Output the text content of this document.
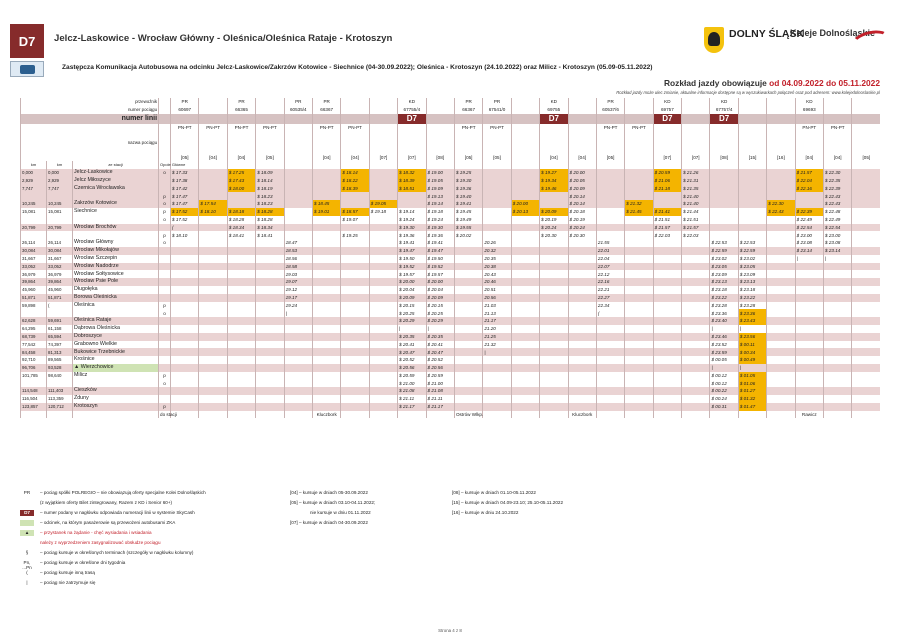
D7	Jelcz-Laskowice - Wrocław Główny - Oleśnica/Oleśnica Rataje - Krotoszyn	DOLNY ŚLĄSK
Koleje Dolnośląskie
Zastępcza Komunikacja Autobusowa na odcinku Jelcz-Laskowice/Zakrzów Kotowice - Siechnice (04-30.09.2022); Oleśnica - Krotoszyn (24.10.2022) oraz Milicz - Krotoszyn (05.09-05.11.2022)
Rozkład jazdy obowiązuje od 04.09.2022 do 05.11.2022
Rozkład jazdy może ulec zmianie, aktualne informacje dostępne są w wyszukiwarkach połączeń oraz pod adresem: www.kolejedolnoslaskie.pl
przewoźnik				PR		PR		PR	PR			KD		PR	PR		KD		PR		KD		KD			KD		
numer pociągu				60697		66365		60535/4	66367			67755/4		66367	67541/0		69755		60537/6		69757		67757/4			69693		
numer linii												D7					D7				D7		D7					
				PN-PT	PN-PT	PN-PT	PN-PT		PN-PT	PN-PT				PN-PT	PN-PT				PN-PT	PN-PT						PN-PT	PN-PT	
nazwa pociągu																												
				[05]	[04]	[04]	[05]		[04]	[04]	[07]	[07]	[08]	[05]	[05]		[04]	[04]	[05]		[07]	[07]	[08]	[15]	[16]	[04]	[04]	[05]
km	km	ze stacji	Opole Główne																									
0,000	0,000	Jelcz-Laskowice	o	$ 17.33		$ 17.25	$ 18.09			$ 18.14		$ 18.32	$ 19.00	$ 19.25			$ 19.27	$ 20.00			$ 20.59	$ 21.26				$ 21.57	$ 22.30	
2,929	2,929	Jelcz Miłoszyce		$ 17.38		$ 17.43	$ 18.14			$ 18.22		$ 18.39	$ 19.05	$ 19.30			$ 19.34	$ 20.05			$ 21.06	$ 21.31				$ 22.04	$ 22.35	
7,747	7,747	Czernica Wrocławska		$ 17.42		$ 18.00	$ 18.19			$ 18.39		$ 18.51	$ 19.09	$ 19.36			$ 19.46	$ 20.09			$ 21.18	$ 21.35				$ 22.16	$ 22.39	
			p	$ 17.47			$ 18.23						$ 19.13	$ 19.40				$ 20.14				$ 21.40					$ 22.43	
10,245	10,245	Zakrzów Kotowice	o	$ 17.47	$ 17.54		$ 18.23		$ 18.45		$ 19.05		$ 19.14	$ 19.41		$ 20.00		$ 20.14		$ 21.32		$ 21.40			$ 22.30		$ 22.43	
15,081	15,081	Siechnice	p	$ 17.52	$ 18.10	$ 18.18	$ 18.28		$ 19.01	$ 18.57	$ 19.18	$ 19.14	$ 19.18	$ 19.45		$ 20.13	$ 20.09	$ 20.18		$ 21.45	$ 21.41	$ 21.44			$ 22.43	$ 22.39	$ 22.48	
			o	$ 17.52		$ 18.28	$ 18.28			$ 19.07		$ 19.24	$ 19.24	$ 19.49			$ 20.19	$ 20.19			$ 21.51	$ 21.51				$ 22.49	$ 22.49	
20,799	20,799	Wrocław Brochów		(		$ 18.34	$ 18.34					$ 19.30	$ 19.30	$ 19.55			$ 20.24	$ 20.24			$ 21.57	$ 21.57				$ 22.54	$ 22.54	
			p	$ 18.10		$ 18.41	$ 18.41			$ 19.25		$ 19.36	$ 19.36	$ 20.02			$ 20.30	$ 20.30			$ 22.03	$ 22.03				$ 23.00	$ 23.00	
26,114	26,114	Wrocław Główny	o					18.47				$ 19.41	$ 19.41		20.26				21.55				$ 22.53	$ 22.53		$ 23.08	$ 23.08	
30,084	30,084	Wrocław Mikołajów						18.53				$ 19.47	$ 19.47		20.32				22.01				$ 22.59	$ 22.59		$ 23.14	$ 23.14	
31,667	31,667	Wrocław Szczepin						18.56				$ 19.50	$ 19.50		20.35				22.04				$ 23.02	$ 23.02		|	|	
33,052	33,052	Wrocław Nadodrze						18.58				$ 19.52	$ 19.52		20.38				22.07				$ 23.05	$ 23.05				
36,979	36,979	Wrocław Sołtysowice						19.03				$ 19.57	$ 19.57		20.43				22.12				$ 23.09	$ 23.09				
39,864	39,864	Wrocław Psie Pole						19.07				$ 20.00	$ 20.00		20.46				22.16				$ 23.13	$ 23.13				
45,960	45,960	Długołęka						19.12				$ 20.04	$ 20.04		20.51				22.21				$ 23.18	$ 23.18				
51,871	51,871	Borowa Oleśnicka						19.17				$ 20.09	$ 20.09		20.56				22.27				$ 23.22	$ 23.22				
59,898	(	Oleśnica	p					19.24				$ 20.15	$ 20.15		21.03				22.34				$ 23.28	$ 23.28				
			o					|				$ 20.25	$ 20.25		21.13				(				$ 23.36	$ 23.36				
62,628	59,691	Oleśnica Rataje										$ 20.29	$ 20.29		21.17								$ 23.40	$ 23.43				
64,295	61,158	Dąbrowa Oleśnicka										|	|		21.20								|	|				
68,739	65,594	Dobroszyce										$ 20.35	$ 20.35		21.25								$ 23.46	$ 23.56				
77,542	74,397	Grabowno Wielkie										$ 20.41	$ 20.41		21.32								$ 23.52	$ 00.11				
84,458	81,313	Bukowice Trzebnickie										$ 20.47	$ 20.47		|								$ 23.59	$ 00.34				
92,710	89,565	Krośnice										$ 20.52	$ 20.52										$ 00.05	$ 00.49				
96,706	93,528	▲ Wierzchowice										$ 20.56	$ 20.56										|	|				
101,785	98,640	Milicz	p									$ 20.59	$ 20.59										$ 00.12	$ 01.05				
			o									$ 21.00	$ 21.00										$ 00.12	$ 01.06				
114,548	111,403	Cieszków										$ 21.08	$ 21.08										$ 00.22	$ 01.27				
116,504	113,359	Zduny										$ 21.11	$ 21.11										$ 00.24	$ 01.32				
123,857	120,712	Krotoszyn	p									$ 21.17	$ 21.17										$ 00.31	$ 01.47				
			do stacji						Kluczbork					Ostrów Wlkp.				Kluczbork								Rawicz		
PR	– pociąg spółki POLREGIO – nie obowiązują oferty specjalne Kolei Dolnośląskich
(z wyjątkiem oferty Bilet zintegrowany, Razem z KD i Senior 60+)
D7	– numer podany w nagłówku odpowiada numeracji linii w systemie SkyCash
– odcinek, na którym pasażerowie są przewożeni autobusami ZKA
▲	– przystanek na żądanie - chęć wysiadania i wsiadania
należy z wyprzedzeniem zasygnalizować obsłudze pociągu
§	– pociąg kursuje w określonych terminach (szczegóły w nagłówku kolumny)
Pn, ...Pn
– pociąg kursuje w określone dni tygodnia
(	– pociąg kursuje inną trasą
|	– pociąg nie zatrzymuje się
[04] – kursuje w dniach 05-30.09.2022
[05] – kursuje w dniach 03.10-04.11.2022;
nie kursuje w dniu 01.11.2022
[07] – kursuje w dniach 04-30.09.2022
[08] – kursuje w dniach 01.10-05.11.2022
[15] – kursuje w dniach 04.09-23.10; 25.10-05.11.2022
[16] – kursuje w dniu 24.10.2022
Strona 4 z 8
